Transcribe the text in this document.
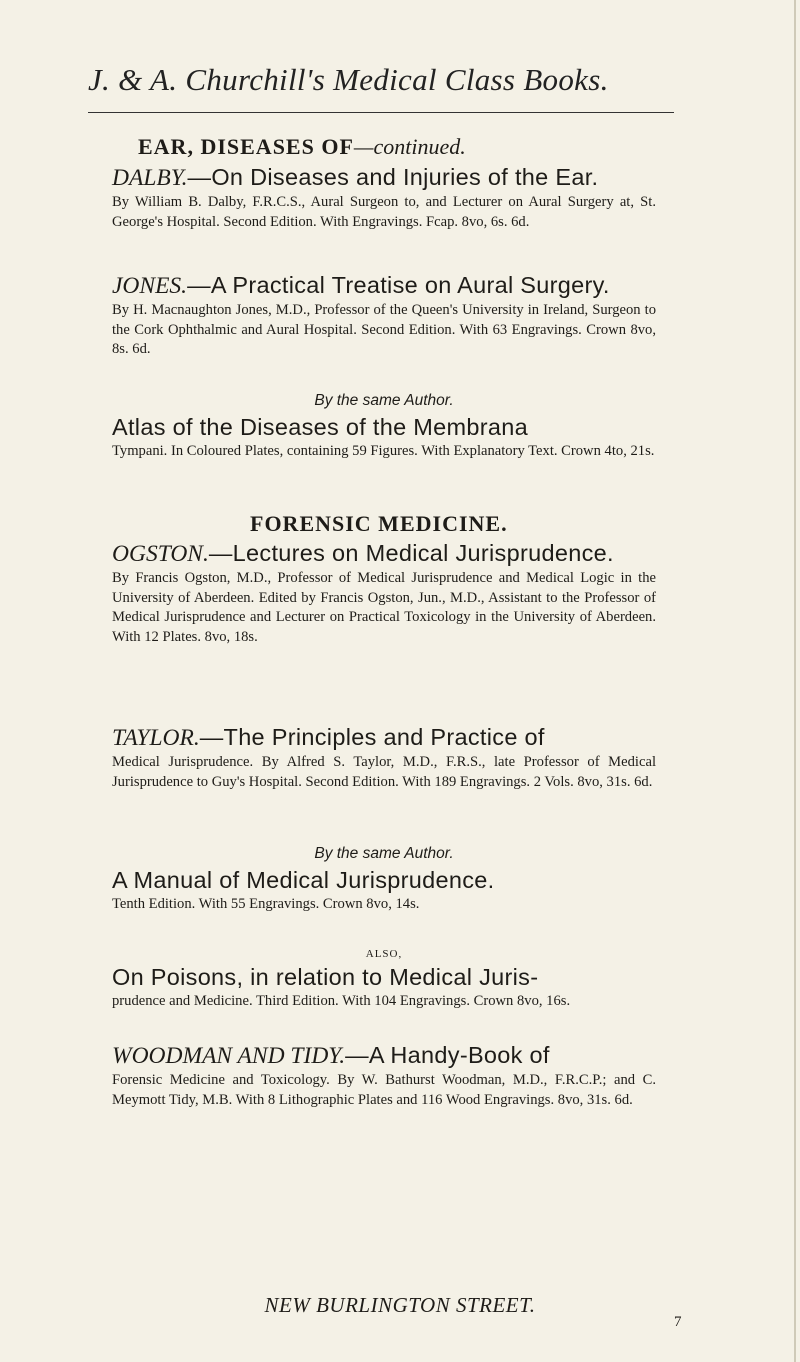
J. & A. Churchill's Medical Class Books.
EAR, DISEASES OF—continued.

DALBY.—On Diseases and Injuries of the Ear.

By William B. Dalby, F.R.C.S., Aural Surgeon to, and Lecturer on Aural Surgery at, St. George's Hospital. Second Edition. With Engravings. Fcap. 8vo, 6s. 6d.

JONES.—A Practical Treatise on Aural Surgery.

By H. Macnaughton Jones, M.D., Professor of the Queen's University in Ireland, Surgeon to the Cork Ophthalmic and Aural Hospital. Second Edition. With 63 Engravings. Crown 8vo, 8s. 6d.

By the same Author.

Atlas of the Diseases of the Membrana

Tympani. In Coloured Plates, containing 59 Figures. With Explanatory Text. Crown 4to, 21s.

FORENSIC MEDICINE.

OGSTON.—Lectures on Medical Jurisprudence.

By Francis Ogston, M.D., Professor of Medical Jurisprudence and Medical Logic in the University of Aberdeen. Edited by Francis Ogston, Jun., M.D., Assistant to the Professor of Medical Jurisprudence and Lecturer on Practical Toxicology in the University of Aberdeen. With 12 Plates. 8vo, 18s.

TAYLOR.—The Principles and Practice of

Medical Jurisprudence. By Alfred S. Taylor, M.D., F.R.S., late Professor of Medical Jurisprudence to Guy's Hospital. Second Edition. With 189 Engravings. 2 Vols. 8vo, 31s. 6d.

By the same Author.

A Manual of Medical Jurisprudence.

Tenth Edition. With 55 Engravings. Crown 8vo, 14s.

ALSO,

On Poisons, in relation to Medical Juris-

prudence and Medicine. Third Edition. With 104 Engravings. Crown 8vo, 16s.

WOODMAN AND TIDY.—A Handy-Book of

Forensic Medicine and Toxicology. By W. Bathurst Woodman, M.D., F.R.C.P.; and C. Meymott Tidy, M.B. With 8 Lithographic Plates and 116 Wood Engravings. 8vo, 31s. 6d.

NEW BURLINGTON STREET.
7
